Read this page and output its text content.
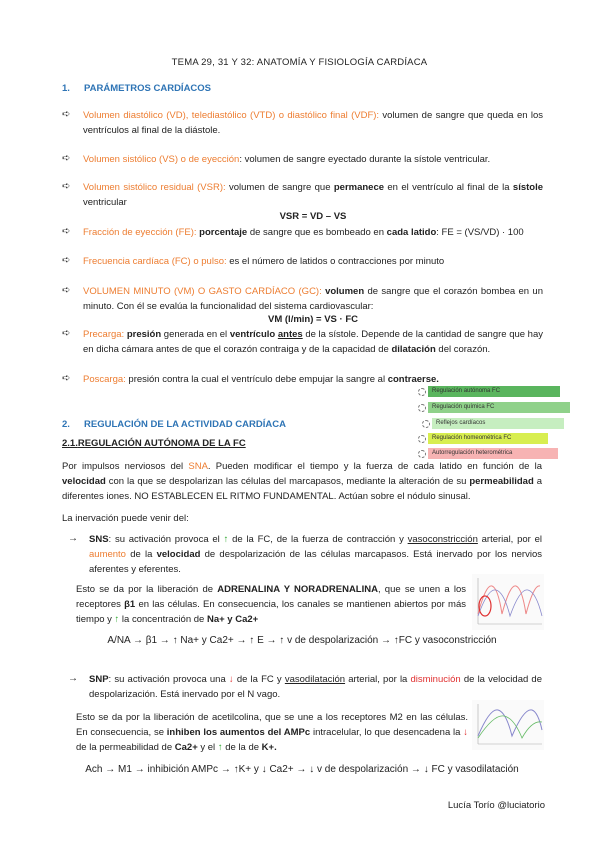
TEMA 29, 31 Y 32: ANATOMÍA Y FISIOLOGÍA CARDÍACA
1. PARÁMETROS CARDÍACOS
➪ Volumen diastólico (VD), telediastólico (VTD) o diastólico final (VDF): volumen de sangre que queda en los ventrículos al final de la diástole.
➪ Volumen sistólico (VS) o de eyección: volumen de sangre eyectado durante la sístole ventricular.
➪ Volumen sistólico residual (VSR): volumen de sangre que permanece en el ventrículo al final de la sístole ventricular
VSR = VD – VS
➪ Fracción de eyección (FE): porcentaje de sangre que es bombeado en cada latido: FE = (VS/VD) · 100
➪ Frecuencia cardíaca (FC) o pulso: es el número de latidos o contracciones por minuto
➪ VOLUMEN MINUTO (VM) O GASTO CARDÍACO (GC): volumen de sangre que el corazón bombea en un minuto. Con él se evalúa la funcionalidad del sistema cardiovascular:
VM (l/min) = VS · FC
➪ Precarga: presión generada en el ventrículo antes de la sístole. Depende de la cantidad de sangre que hay en dicha cámara antes de que el corazón contraiga y de la capacidad de dilatación del corazón.
➪ Poscarga: presión contra la cual el ventrículo debe empujar la sangre al contraerse.
Regulación autónoma FC
Regulación química FC
Reflejos cardíacos
Regulación homeométrica FC
Autorregulación heterométrica
2. REGULACIÓN DE LA ACTIVIDAD CARDÍACA
2.1.REGULACIÓN AUTÓNOMA DE LA FC
Por impulsos nerviosos del SNA. Pueden modificar el tiempo y la fuerza de cada latido en función de la velocidad con la que se despolarizan las células del marcapasos, mediante la alteración de su permeabilidad a diferentes iones. NO ESTABLECEN EL RITMO FUNDAMENTAL. Actúan sobre el nódulo sinusal.
La inervación puede venir del:
→ SNS: su activación provoca el ↑ de la FC, de la fuerza de contracción y vasoconstricción arterial, por el aumento de la velocidad de despolarización de las células marcapasos. Está inervado por los nervios aferentes y eferentes.
Esto se da por la liberación de ADRENALINA Y NORADRENALINA, que se unen a los receptores β1 en las células. En consecuencia, los canales se mantienen abiertos por más tiempo y ↑ la concentración de Na+ y Ca2+
A/NA → β1 → ↑ Na+ y Ca2+ → ↑ E → ↑ v de despolarización → ↑FC y vasoconstricción
→ SNP: su activación provoca una ↓ de la FC y vasodilatación arterial, por la disminución de la velocidad de despolarización. Está inervado por el N vago.
Esto se da por la liberación de acetilcolina, que se une a los receptores M2 en las células. En consecuencia, se inhiben los aumentos del AMPc intracelular, lo que desencadena la ↓ de la permeabilidad de Ca2+ y el ↑ de la de K+.
Ach → M1 → inhibición AMPc → ↑K+ y ↓ Ca2+ → ↓ v de despolarización → ↓ FC y vasodilatación
Lucía Torío @luciatorio
